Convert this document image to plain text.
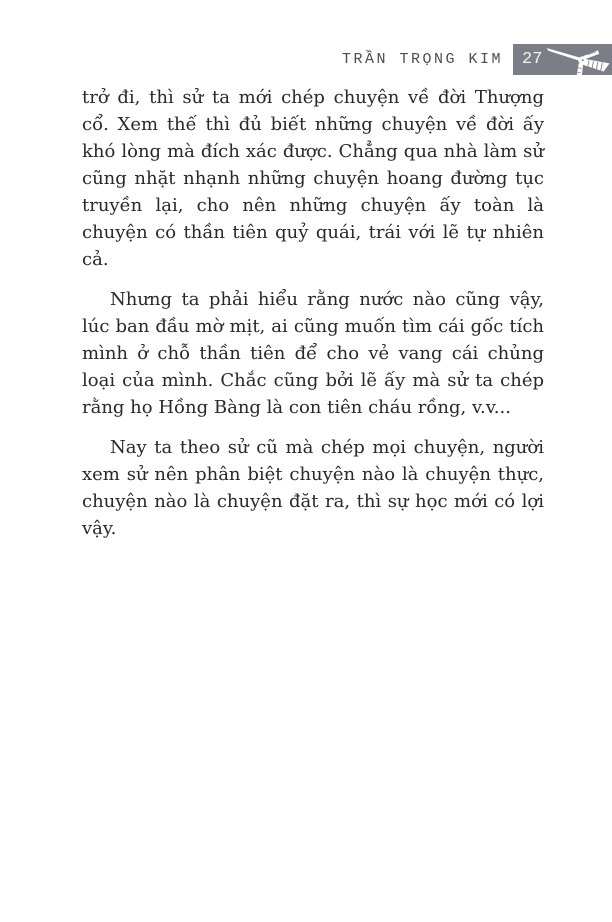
TRẦN TRỌNG KIM	27

trở đi, thì sử ta mới chép chuyện về đời Thượng cổ. Xem thế thì đủ biết những chuyện về đời ấy khó lòng mà đích xác được. Chẳng qua nhà làm sử cũng nhặt nhạnh những chuyện hoang đường tục truyền lại, cho nên những chuyện ấy toàn là chuyện có thần tiên quỷ quái, trái với lẽ tự nhiên cả.

Nhưng ta phải hiểu rằng nước nào cũng vậy, lúc ban đầu mờ mịt, ai cũng muốn tìm cái gốc tích mình ở chỗ thần tiên để cho vẻ vang cái chủng loại của mình. Chắc cũng bởi lẽ ấy mà sử ta chép rằng họ Hồng Bàng là con tiên cháu rồng, v.v...

Nay ta theo sử cũ mà chép mọi chuyện, người xem sử nên phân biệt chuyện nào là chuyện thực, chuyện nào là chuyện đặt ra, thì sự học mới có lợi vậy.
